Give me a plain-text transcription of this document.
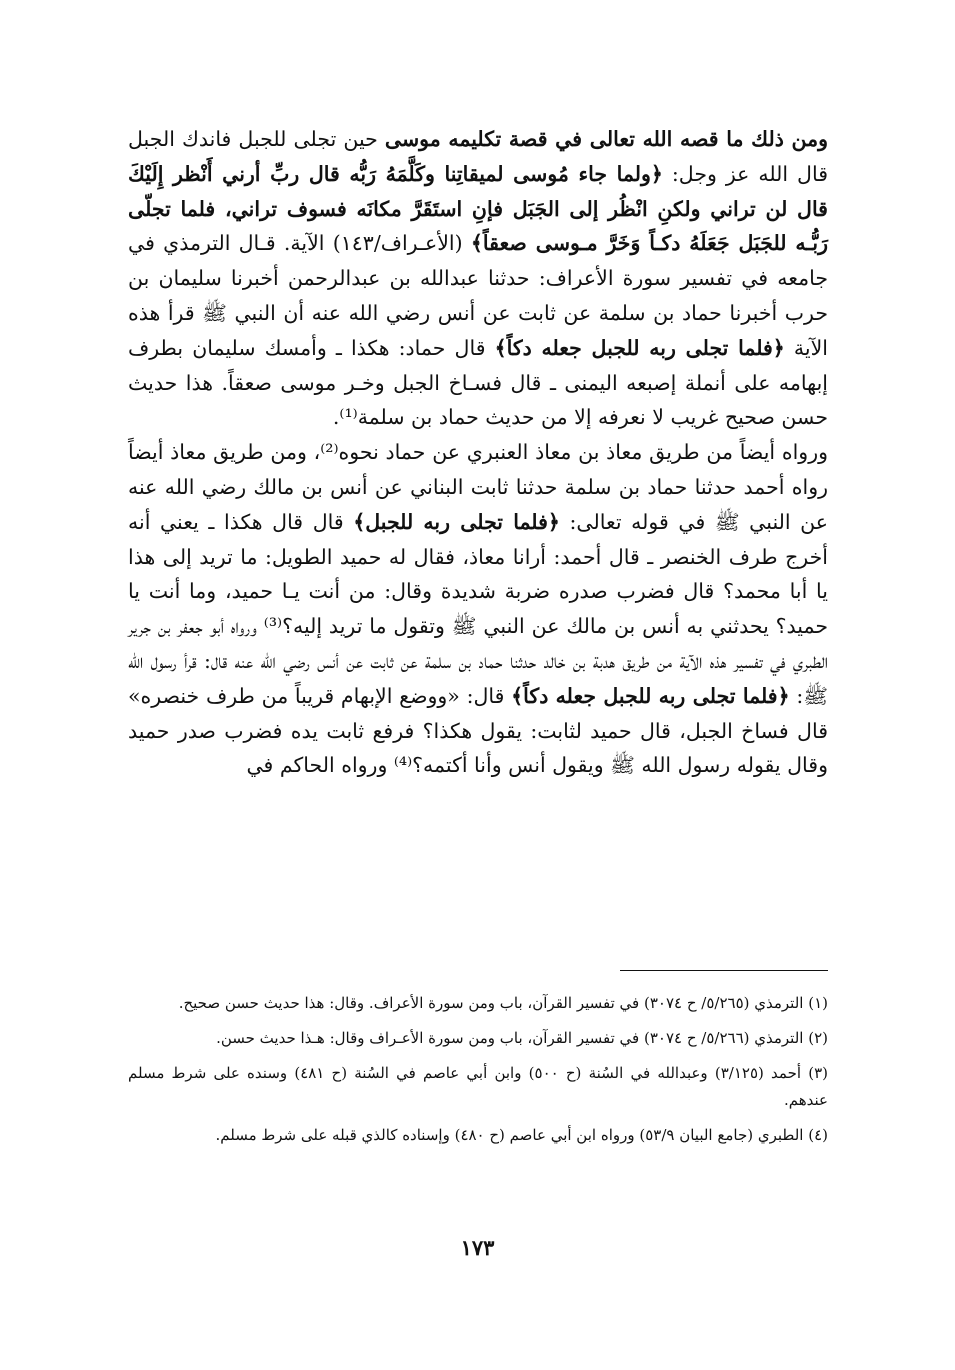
ومن ذلك ما قصه الله تعالى في قصة تكليمه موسى حين تجلى للجبل فاندك الجبل قال الله عز وجل: ﴿ولما جاء مُوسى لميقاتِنا وكَلَّمَهُ رَبُّه قال ربِّ أرني أَنْظر إِلَيْكَ قال لن تراني ولكنِ انْظُر إلى الجَبَل فإنِ استَقَرَّ مكانَه فسوف تراني، فلما تجلّى رَبُّـه للجَبَل جَعَلَهُ دكـاً وَخَرَّ مـوسى صعقاً﴾ (الأعـراف/١٤٣) الآية. قـال الترمذي في جامعه في تفسير سورة الأعراف: حدثنا عبدالله بن عبدالرحمن أخبرنا سليمان بن حرب أخبرنا حماد بن سلمة عن ثابت عن أنس رضي الله عنه أن النبي ﷺ قرأ هذه الآية ﴿فلما تجلى ربه للجبل جعله دكاً﴾ قال حماد: هكذا ـ وأمسك سليمان بطرف إبهامه على أنملة إصبعه اليمنى ـ قال فسـاخ الجبل وخـر موسى صعقاً. هذا حديث حسن صحيح غريب لا نعرفه إلا من حديث حماد بن سلمة⁽¹⁾.

ورواه أيضاً من طريق معاذ بن معاذ العنبري عن حماد نحوه⁽²⁾، ومن طريق معاذ أيضاً رواه أحمد حدثنا حماد بن سلمة حدثنا ثابت البناني عن أنس بن مالك رضي الله عنه عن النبي ﷺ في قوله تعالى: ﴿فلما تجلى ربه للجبل﴾ قال قال هكذا ـ يعني أنه أخرج طرف الخنصر ـ قال أحمد: أرانا معاذ، فقال له حميد الطويل: ما تريد إلى هذا يا أبا محمد؟ قال فضرب صدره ضربة شديدة وقال: من أنت يـا حميد، وما أنت يا حميد؟ يحدثني به أنس بن مالك عن النبي ﷺ وتقول ما تريد إليه؟⁽³⁾ ورواه أبو جعفر بن جرير الطبري في تفسير هذه الآية من طريق هدبة بن خالد حدثنا حماد بن سلمة عن ثابت عن أنس رضي الله عنه قال: قرأ رسول الله ﷺ: ﴿فلما تجلى ربه للجبل جعله دكاً﴾ قال: «ووضع الإبهام قريباً من طرف خنصره» قال فساخ الجبل، قال حميد لثابت: يقول هكذا؟ فرفع ثابت يده فضرب صدر حميد وقال يقوله رسول الله ﷺ ويقول أنس وأنا أكتمه؟⁽⁴⁾ ورواه الحاكم في

(١) الترمذي (٥/٢٦٥/ ح ٣٠٧٤) في تفسير القرآن، باب ومن سورة الأعراف. وقال: هذا حديث حسن صحيح.

(٢) الترمذي (٥/٢٦٦/ ح ٣٠٧٤) في تفسير القرآن، باب ومن سورة الأعـراف وقال: هـذا حديث حسن.

(٣) أحمد (٣/١٢٥) وعبدالله في السُنة (ح ٥٠٠) وابن أبي عاصم في السُنة (ح ٤٨١) وسنده على شرط مسلم عندهم.

(٤) الطبري (جامع البيان ٥٣/٩) ورواه ابن أبي عاصم (ح ٤٨٠) وإسناده كالذي قبله على شرط مسلم.

١٧٣
